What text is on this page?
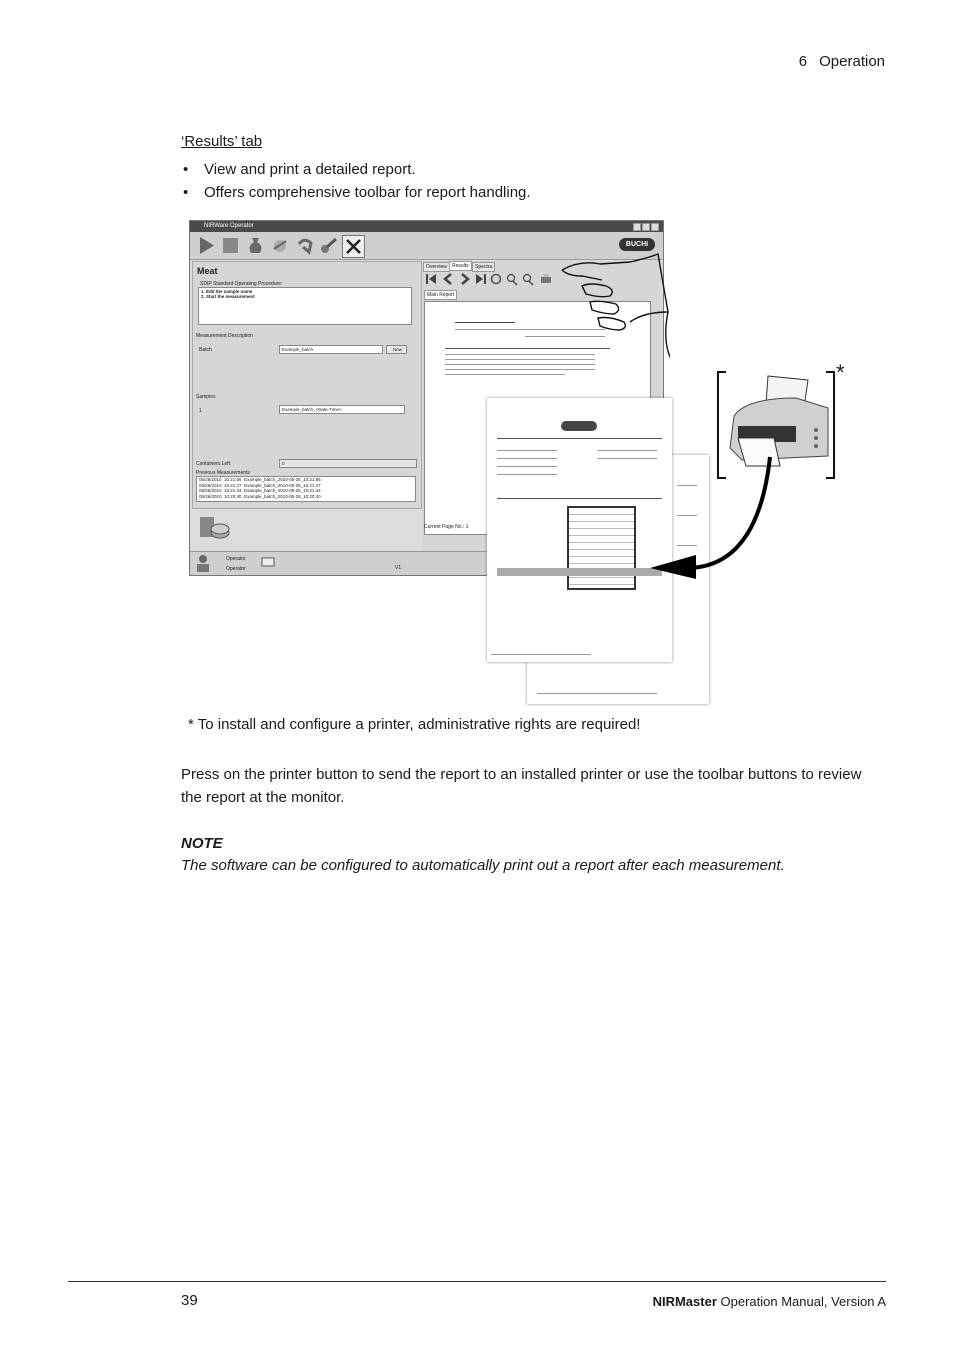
6 Operation
‘Results’ tab
• View and print a detailed report.
• Offers comprehensive toolbar for report handling.
NIRWare Operator
BUCHI
Meat
SDIP Standard Operating Procedure:
1. Edit the sample name
2. Start the measurement
Measurement Description
Batch	Example_batch	New
Samples
1	Example_batch_<Date-Time>
Containers Left:	0
Previous Measurements
05/26/2010 10:21:56 Example_batch_2010-05-26_10:21:56
05/26/2010 10:21:47 Example_batch_2010-05-26_10:21:47
05/26/2010 10:21:34 Example_batch_2010-05-26_10:21:34
05/26/2010 10:20:40 Example_batch_2010-05-26_10:20:40
Overview	Results	Spectra
Main Report
Current Page No.: 1
Operator
Operator	V1
*
* To install and configure a printer, administrative rights are required!
Press on the printer button to send the report to an installed printer or use the toolbar buttons to review the report at the monitor.
NOTE
The software can be configured to automatically print out a report after each measurement.
39	NIRMaster Operation Manual, Version A
